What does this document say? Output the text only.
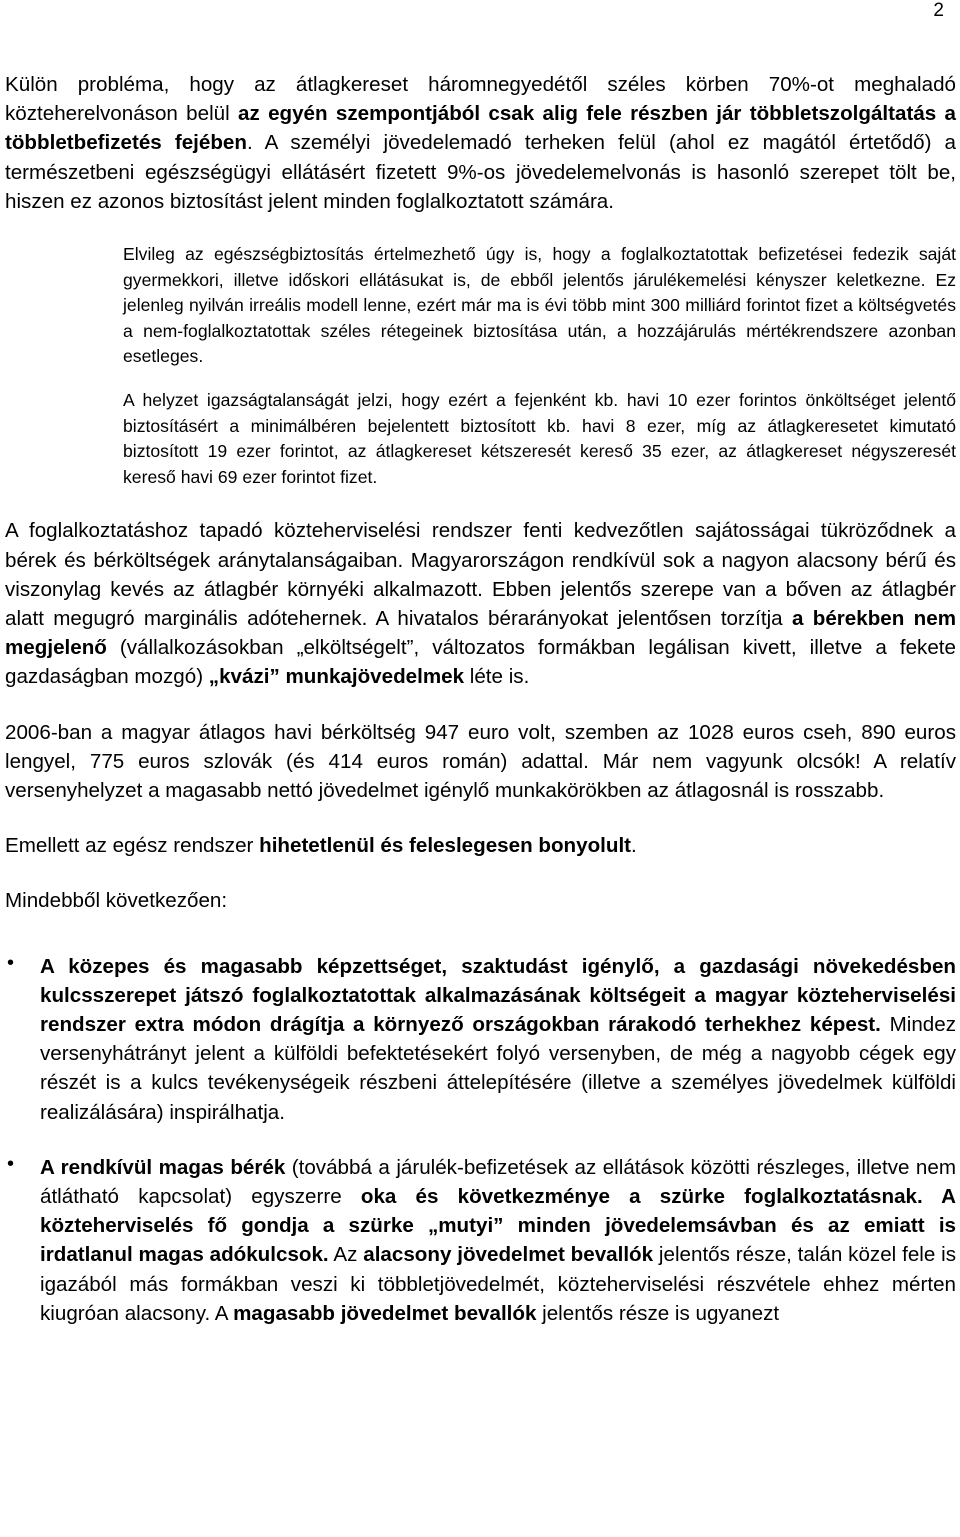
2

Külön probléma, hogy az átlagkereset háromnegyedétől széles körben 70%-ot meghaladó közteherelvonáson belül az egyén szempontjából csak alig fele részben jár többletszolgáltatás a többletbefizetés fejében. A személyi jövedelemadó terheken felül (ahol ez magától értetődő) a természetbeni egészségügyi ellátásért fizetett 9%-os jövedelemelvonás is hasonló szerepet tölt be, hiszen ez azonos biztosítást jelent minden foglalkoztatott számára.

Elvileg az egészségbiztosítás értelmezhető úgy is, hogy a foglalkoztatottak befizetései fedezik saját gyermekkori, illetve időskori ellátásukat is, de ebből jelentős járulékemelési kényszer keletkezne. Ez jelenleg nyilván irreális modell lenne, ezért már ma is évi több mint 300 milliárd forintot fizet a költségvetés a nem-foglalkoztatottak széles rétegeinek biztosítása után, a hozzájárulás mértékrendszere azonban esetleges.

A helyzet igazságtalanságát jelzi, hogy ezért a fejenként kb. havi 10 ezer forintos önköltséget jelentő biztosításért a minimálbéren bejelentett biztosított kb. havi 8 ezer, míg az átlagkeresetet kimutató biztosított 19 ezer forintot, az átlagkereset kétszeresét kereső 35 ezer, az átlagkereset négyszeresét kereső havi 69 ezer forintot fizet.

A foglalkoztatáshoz tapadó közteherviselési rendszer fenti kedvezőtlen sajátosságai tükröződnek a bérek és bérköltségek aránytalanságaiban. Magyarországon rendkívül sok a nagyon alacsony bérű és viszonylag kevés az átlagbér környéki alkalmazott. Ebben jelentős szerepe van a bőven az átlagbér alatt megugró marginális adótehernek. A hivatalos bérarányokat jelentősen torzítja a bérekben nem megjelenő (vállalkozásokban „elköltségelt”, változatos formákban legálisan kivett, illetve a fekete gazdaságban mozgó) „kvázi” munkajövedelmek léte is.

2006-ban a magyar átlagos havi bérköltség 947 euro volt, szemben az 1028 euros cseh, 890 euros lengyel, 775 euros szlovák (és 414 euros román) adattal. Már nem vagyunk olcsók! A relatív versenyhelyzet a magasabb nettó jövedelmet igénylő munkakörökben az átlagosnál is rosszabb.

Emellett az egész rendszer hihetetlenül és feleslegesen bonyolult.

Mindebből következően:

• A közepes és magasabb képzettséget, szaktudást igénylő, a gazdasági növekedésben kulcsszerepet játszó foglalkoztatottak alkalmazásának költségeit a magyar közteherviselési rendszer extra módon drágítja a környező országokban rárakodó terhekhez képest. Mindez versenyhátrányt jelent a külföldi befektetésekért folyó versenyben, de még a nagyobb cégek egy részét is a kulcs tevékenységeik részbeni áttelepítésére (illetve a személyes jövedelmek külföldi realizálására) inspirálhatja.

• A rendkívül magas bérék (továbbá a járulék-befizetések az ellátások közötti részleges, illetve nem átlátható kapcsolat) egyszerre oka és következménye a szürke foglalkoztatásnak. A közteherviselés fő gondja a szürke „mutyi” minden jövedelemsávban és az emiatt is irdatlanul magas adókulcsok. Az alacsony jövedelmet bevallók jelentős része, talán közel fele is igazából más formákban veszi ki többletjövedelmét, közteherviselési részvétele ehhez mérten kiugróan alacsony. A magasabb jövedelmet bevallók jelentős része is ugyanezt
